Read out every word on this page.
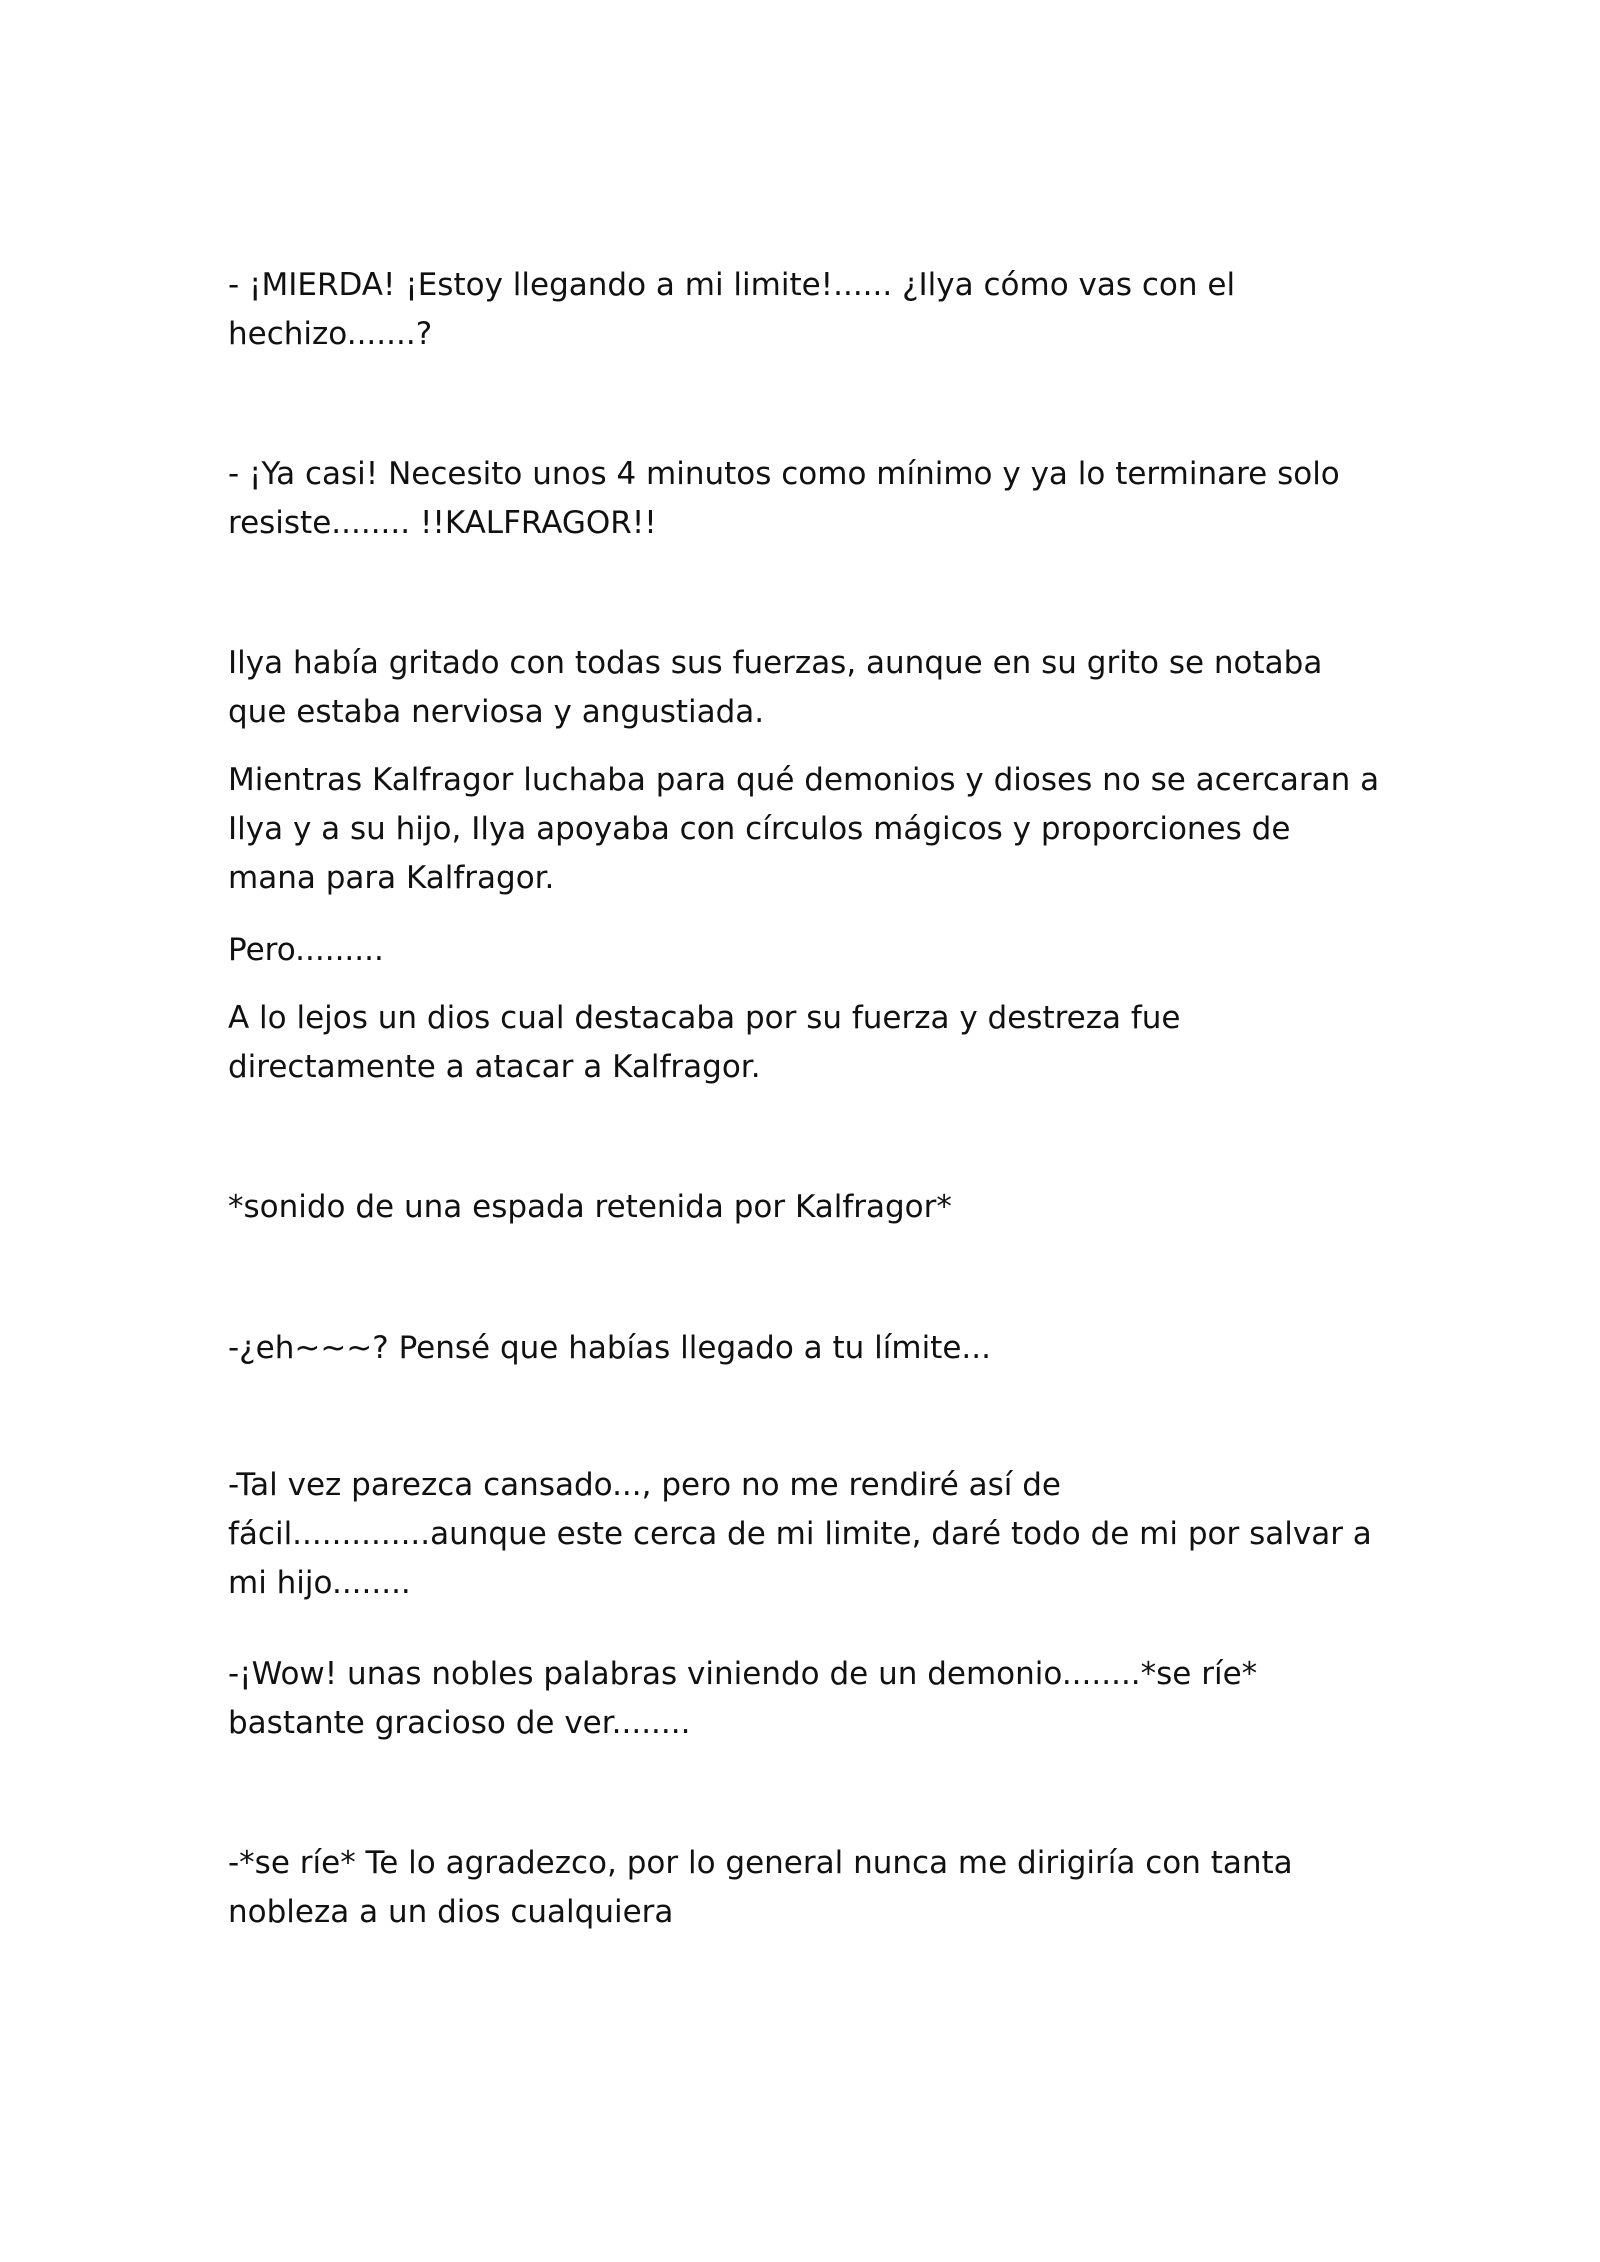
- ¡MIERDA! ¡Estoy llegando a mi limite!...... ¿Ilya cómo vas con el hechizo.......?

- ¡Ya casi! Necesito unos 4 minutos como mínimo y ya lo terminare solo resiste........ !!KALFRAGOR!!

Ilya había gritado con todas sus fuerzas, aunque en su grito se notaba que estaba nerviosa y angustiada.

Mientras Kalfragor luchaba para qué demonios y dioses no se acercaran a Ilya y a su hijo, Ilya apoyaba con círculos mágicos y proporciones de mana para Kalfragor.

Pero.........

A lo lejos un dios cual destacaba por su fuerza y destreza fue directamente a atacar a Kalfragor.

*sonido de una espada retenida por Kalfragor*

-¿eh~~~? Pensé que habías llegado a tu límite...

-Tal vez parezca cansado..., pero no me rendiré así de fácil..............aunque este cerca de mi limite, daré todo de mi por salvar a mi hijo........

-¡Wow! unas nobles palabras viniendo de un demonio........*se ríe* bastante gracioso de ver........

-*se ríe* Te lo agradezco, por lo general nunca me dirigiría con tanta nobleza a un dios cualquiera
